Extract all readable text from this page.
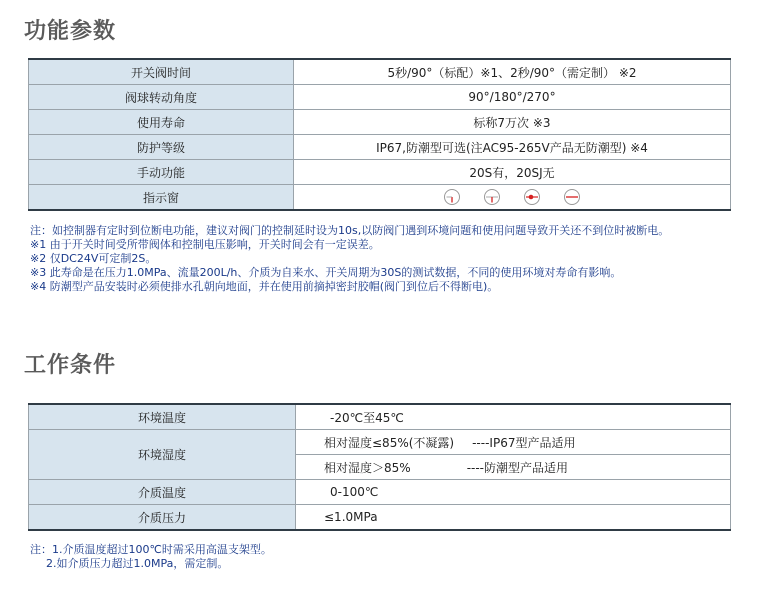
功能参数
开关阀时间	5秒/90°（标配）※1、2秒/90°（需定制） ※2
阀球转动角度	90°/180°/270°
使用寿命	标称7万次 ※3
防护等级	IP67,防潮型可选(注AC95-265V产品无防潮型) ※4
手动功能	20S有，20SJ无
指示窗	
注：如控制器有定时到位断电功能，建议对阀门的控制延时设为10s,以防阀门遇到环境问题和使用问题导致开关还不到位时被断电。
※1 由于开关时间受所带阀体和控制电压影响，开关时间会有一定误差。
※2 仅DC24V可定制2S。
※3 此寿命是在压力1.0MPa、流量200L/h、介质为自来水、开关周期为30S的测试数据，不同的使用环境对寿命有影响。
※4 防潮型产品安装时必须使排水孔朝向地面，并在使用前摘掉密封胶帽(阀门到位后不得断电)。
工作条件
环境温度	-20℃至45℃
环境湿度	相对湿度≤85%(不凝露) ----IP67型产品适用
	相对湿度＞85% ----防潮型产品适用
介质温度	0-100℃
介质压力	≤1.0MPa
注：1.介质温度超过100℃时需采用高温支架型。
2.如介质压力超过1.0MPa，需定制。
